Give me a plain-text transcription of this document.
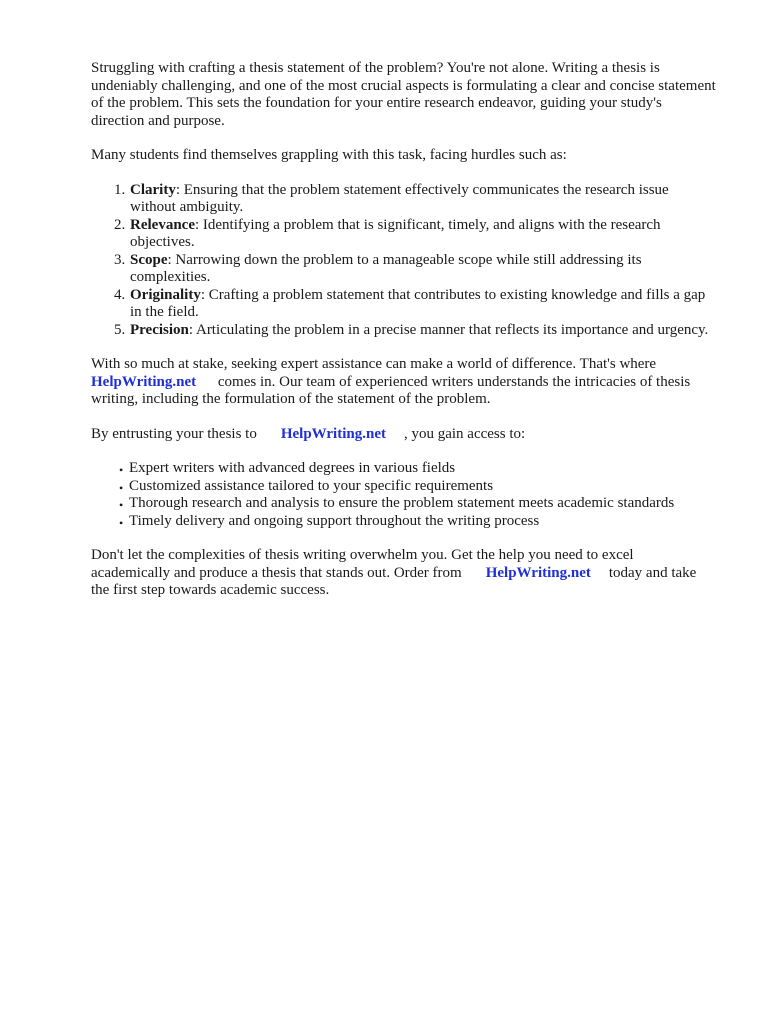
Struggling with crafting a thesis statement of the problem? You're not alone. Writing a thesis is undeniably challenging, and one of the most crucial aspects is formulating a clear and concise statement of the problem. This sets the foundation for your entire research endeavor, guiding your study's direction and purpose.

Many students find themselves grappling with this task, facing hurdles such as:

1. Clarity: Ensuring that the problem statement effectively communicates the research issue without ambiguity.
2. Relevance: Identifying a problem that is significant, timely, and aligns with the research objectives.
3. Scope: Narrowing down the problem to a manageable scope while still addressing its complexities.
4. Originality: Crafting a problem statement that contributes to existing knowledge and fills a gap in the field.
5. Precision: Articulating the problem in a precise manner that reflects its importance and urgency.

With so much at stake, seeking expert assistance can make a world of difference. That's where
HelpWriting.net comes in. Our team of experienced writers understands the intricacies of thesis writing, including the formulation of the statement of the problem.

By entrusting your thesis to HelpWriting.net , you gain access to:

• Expert writers with advanced degrees in various fields
• Customized assistance tailored to your specific requirements
• Thorough research and analysis to ensure the problem statement meets academic standards
• Timely delivery and ongoing support throughout the writing process

Don't let the complexities of thesis writing overwhelm you. Get the help you need to excel academically and produce a thesis that stands out. Order from HelpWriting.net today and take the first step towards academic success.
